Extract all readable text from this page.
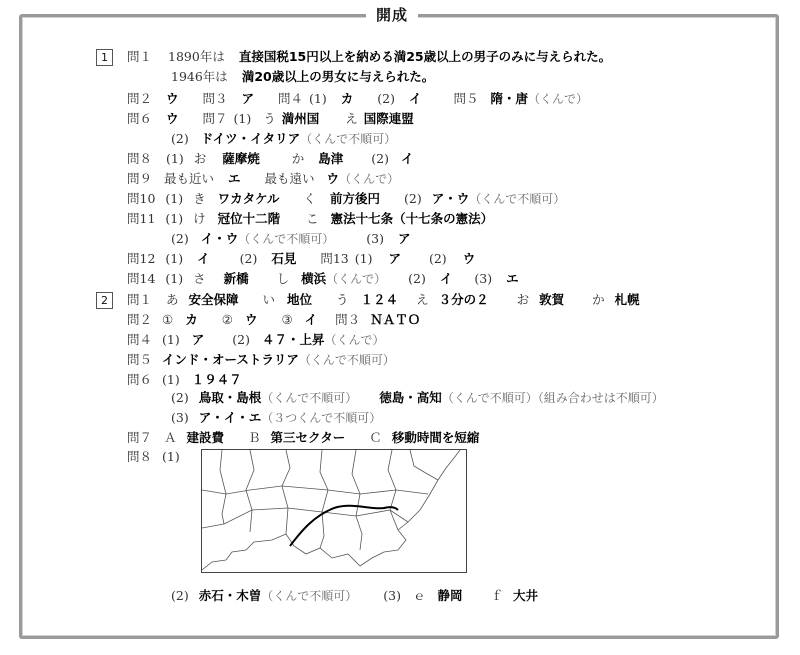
開成
1	問１ 1890年は 直接国税15円以上を納める満25歳以上の男子のみに与えられた。
1946年は 満20歳以上の男女に与えられた。
問２ ウ 問３ ア 問４ (1) カ (2) イ	問５ 隋・唐（くんで）
問６ ウ 問７ (1) う 満州国 え 国際連盟
(2) ドイツ・イタリア（くんで不順可）
問８ (1) お 薩摩焼	か 島津 (2) イ
問９ 最も近い エ 最も遠い ウ（くんで）
問10 (1) き ワカタケル く 前方後円 (2) ア・ウ（くんで不順可）
問11 (1) け 冠位十二階 こ 憲法十七条（十七条の憲法）
(2) イ・ウ（くんで不順可）	(3) ア
問12 (1) イ (2) 石見 問13 (1) ア (2) ウ
問14 (1) さ 新橋 し 横浜（くんで） (2) イ (3) エ
2	問１ あ 安全保障 い 地位 う １２４ え ３分の２ お 敦賀 か 札幌
問２ ① カ ② ウ ③ イ 問３ ＮＡＴＯ
問４ (1) ア (2) ４７・上昇（くんで）
問５ インド・オーストラリア（くんで不順可）
問６ (1) １９４７
(2) 鳥取・島根（くんで不順可） 徳島・高知（くんで不順可）（組み合わせは不順可）
(3) ア・イ・エ（３つくんで不順可）
問７ Ａ 建設費 Ｂ 第三セクター Ｃ 移動時間を短縮
問８ (1)
(2) 赤石・木曽（くんで不順可） (3) ｅ 静岡 ｆ 大井
